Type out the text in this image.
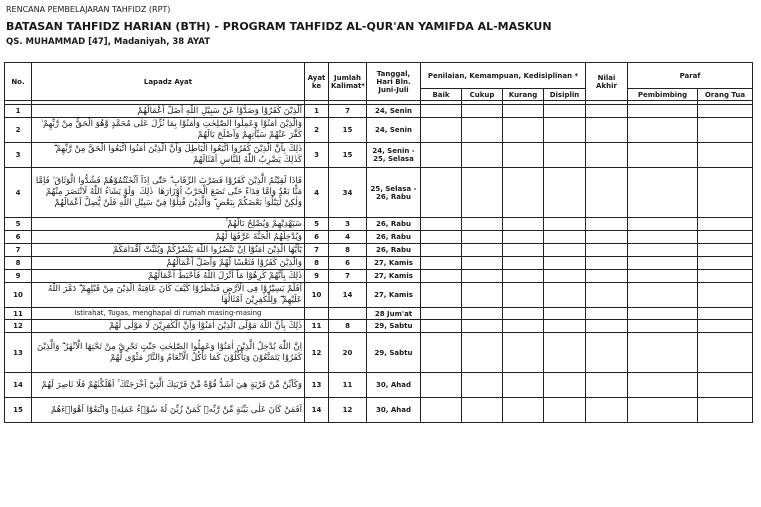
RENCANA PEMBELAJARAN TAHFIDZ (RPT)
BATASAN TAHFIDZ HARIAN (BTH) - PROGRAM TAHFIDZ AL-QUR'AN YAMIFDA AL-MASKUN
QS. MUHAMMAD [47], Madaniyah, 38 AYAT
No.	Lapadz Ayat	Ayat ke	Jumlah Kalimat*	Tanggal, Hari Bln. Juni-Juli	Penilaian, Kemampuan, Kedisiplinan *				Nilai Akhir	Paraf	
					Baik	Cukup	Kurang	Disiplin		Pembimbing	Orang Tua

1	اَلَّذِيْنَ كَفَرُوْا وَصَدُّوْا عَنْ سَبِيْلِ اللّٰهِ اَضَلَّ اَعْمَالَهُمْ	1	7	24, Senin							
2	وَالَّذِيْنَ اٰمَنُوْا وَعَمِلُوا الصّٰلِحٰتِ وَاٰمَنُوْا بِمَا نُزِّلَ عَلٰى مُحَمَّدٍ وَّهُوَ الْحَقُّ مِنْ رَّبِّهِمْ ۙ كَفَّرَ عَنْهُمْ سَيِّاٰتِهِمْ وَاَصْلَحَ بَالَهُمْ	2	15	24, Senin							
3	ذٰلِكَ بِاَنَّ الَّذِيْنَ كَفَرُوا اتَّبَعُوا الْبَاطِلَ وَاَنَّ الَّذِيْنَ اٰمَنُوا اتَّبَعُوا الْحَقَّ مِنْ رَّبِّهِمْ ۗ كَذٰلِكَ يَضْرِبُ اللّٰهُ لِلنَّاسِ اَمْثَالَهُمْ	3	15	24, Senin - 25, Selasa							
4	فَاِذَا لَقِيْتُمُ الَّذِيْنَ كَفَرُوْا فَضَرْبَ الرِّقَابِ ۗ حَتّٰٓى اِذَآ اَثْخَنْتُمُوْهُمْ فَشُدُّوا الْوَثَاقَ ۙ فَاِمَّا مَنًّا بَعْدُ وَاِمَّا فِدَاۤءً حَتّٰى تَضَعَ الْحَرْبُ اَوْزَارَهَا ۛ ذٰلِكَ ۛ وَلَوْ يَشَاۤءُ اللّٰهُ لَانْتَصَرَ مِنْهُمْ وَلٰكِنْ لِّيَبْلُوَا۟ بَعْضَكُمْ بِبَعْضٍ ۗ وَالَّذِيْنَ قُتِلُوْا فِيْ سَبِيْلِ اللّٰهِ فَلَنْ يُّضِلَّ اَعْمَالَهُمْ	4	34	25, Selasa - 26, Rabu							
5	سَيَهْدِيْهِمْ وَيُصْلِحُ بَالَهُمْ ۚ	5	3	26, Rabu							
6	وَيُدْخِلُهُمُ الْجَنَّةَ عَرَّفَهَا لَهُمْ	6	4	26, Rabu							
7	يٰٓاَيُّهَا الَّذِيْنَ اٰمَنُوْٓا اِنْ تَنْصُرُوا اللّٰهَ يَنْصُرْكُمْ وَيُثَبِّتْ اَقْدَامَكُمْ	7	8	26, Rabu							
8	وَالَّذِيْنَ كَفَرُوْا فَتَعْسًا لَّهُمْ وَاَضَلَّ اَعْمَالَهُمْ	8	6	27, Kamis							
9	ذٰلِكَ بِاَنَّهُمْ كَرِهُوْا مَآ اَنْزَلَ اللّٰهُ فَاَحْبَطَ اَعْمَالَهُمْ	9	7	27, Kamis							
10	اَفَلَمْ يَسِيْرُوْا فِى الْاَرْضِ فَيَنْظُرُوْا كَيْفَ كَانَ عَاقِبَةُ الَّذِيْنَ مِنْ قَبْلِهِمْ ۗ دَمَّرَ اللّٰهُ عَلَيْهِمْ ۖ وَلِلْكٰفِرِيْنَ اَمْثَالُهَا	10	14	27, Kamis							
11	Istirahat, Tugas, menghapal di rumah masing-masing			28 Jum'at							
12	ذٰلِكَ بِاَنَّ اللّٰهَ مَوْلَى الَّذِيْنَ اٰمَنُوْا وَاَنَّ الْكٰفِرِيْنَ لَا مَوْلٰى لَهُمْ	11	8	29, Sabtu							
13	اِنَّ اللّٰهَ يُدْخِلُ الَّذِيْنَ اٰمَنُوْا وَعَمِلُوا الصّٰلِحٰتِ جَنّٰتٍ تَجْرِيْ مِنْ تَحْتِهَا الْاَنْهٰرُ ۗ وَالَّذِيْنَ كَفَرُوْا يَتَمَتَّعُوْنَ وَيَأْكُلُوْنَ كَمَا تَأْكُلُ الْاَنْعَامُ وَالنَّارُ مَثْوًى لَّهُمْ	12	20	29, Sabtu							
14	وَكَاَيِّنْ مِّنْ قَرْيَةٍ هِيَ اَشَدُّ قُوَّةً مِّنْ قَرْيَتِكَ الَّتِيْٓ اَخْرَجَتْكَ ۚ اَهْلَكْنٰهُمْ فَلَا نَاصِرَ لَهُمْ	13	11	30, Ahad							
15	اَفَمَنْ كَانَ عَلٰى بَيِّنَةٍ مِّنْ رَّبِّهٖ كَمَنْ زُيِّنَ لَهٗ سُوْۤءُ عَمَلِهٖ وَاتَّبَعُوْٓا اَهْوَاۤءَهُمْ	14	12	30, Ahad							
